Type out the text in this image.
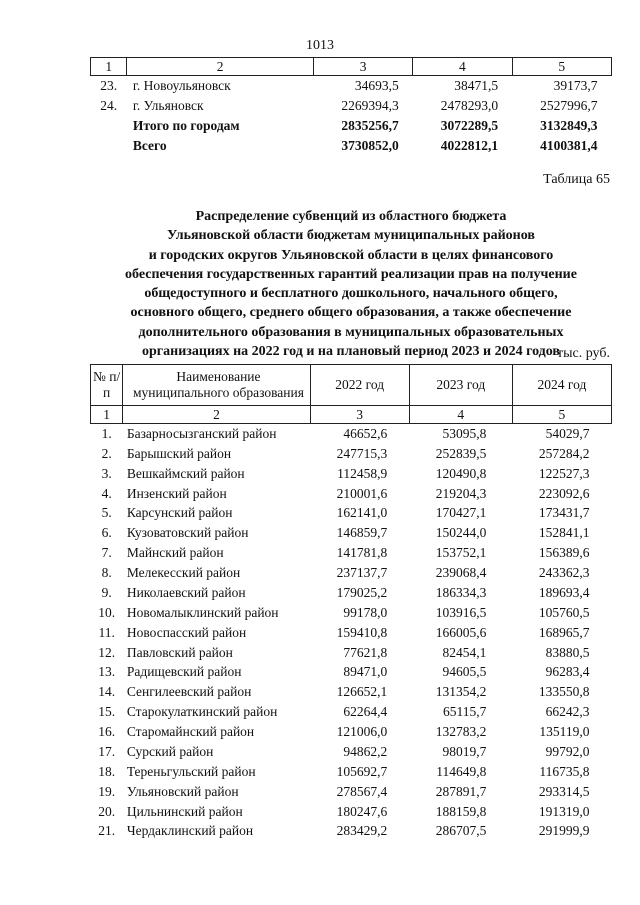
1013
1	2	3	4	5
23.	г. Новоульяновск	34693,5	38471,5	39173,7
24.	г. Ульяновск	2269394,3	2478293,0	2527996,7
	Итого по городам	2835256,7	3072289,5	3132849,3
	Всего	3730852,0	4022812,1	4100381,4
Таблица 65
Распределение субвенций из областного бюджета
Ульяновской области бюджетам муниципальных районов
и городских округов Ульяновской области в целях финансового
обеспечения государственных гарантий реализации прав на получение
общедоступного и бесплатного дошкольного, начального общего,
основного общего, среднего общего образования, а также обеспечение
дополнительного образования в муниципальных образовательных
организациях на 2022 год и на плановый период 2023 и 2024 годов
тыс. руб.
№ п/п	Наименование муниципального образования	2022 год	2023 год	2024 год
1	2	3	4	5
1.	Базарносызганский район	46652,6	53095,8	54029,7
2.	Барышский район	247715,3	252839,5	257284,2
3.	Вешкаймский район	112458,9	120490,8	122527,3
4.	Инзенский район	210001,6	219204,3	223092,6
5.	Карсунский район	162141,0	170427,1	173431,7
6.	Кузоватовский район	146859,7	150244,0	152841,1
7.	Майнский район	141781,8	153752,1	156389,6
8.	Мелекесский район	237137,7	239068,4	243362,3
9.	Николаевский район	179025,2	186334,3	189693,4
10.	Новомалыклинский район	99178,0	103916,5	105760,5
11.	Новоспасский район	159410,8	166005,6	168965,7
12.	Павловский район	77621,8	82454,1	83880,5
13.	Радищевский район	89471,0	94605,5	96283,4
14.	Сенгилеевский район	126652,1	131354,2	133550,8
15.	Старокулаткинский район	62264,4	65115,7	66242,3
16.	Старомайнский район	121006,0	132783,2	135119,0
17.	Сурский район	94862,2	98019,7	99792,0
18.	Тереньгульский район	105692,7	114649,8	116735,8
19.	Ульяновский район	278567,4	287891,7	293314,5
20.	Цильнинский район	180247,6	188159,8	191319,0
21.	Чердаклинский район	283429,2	286707,5	291999,9
